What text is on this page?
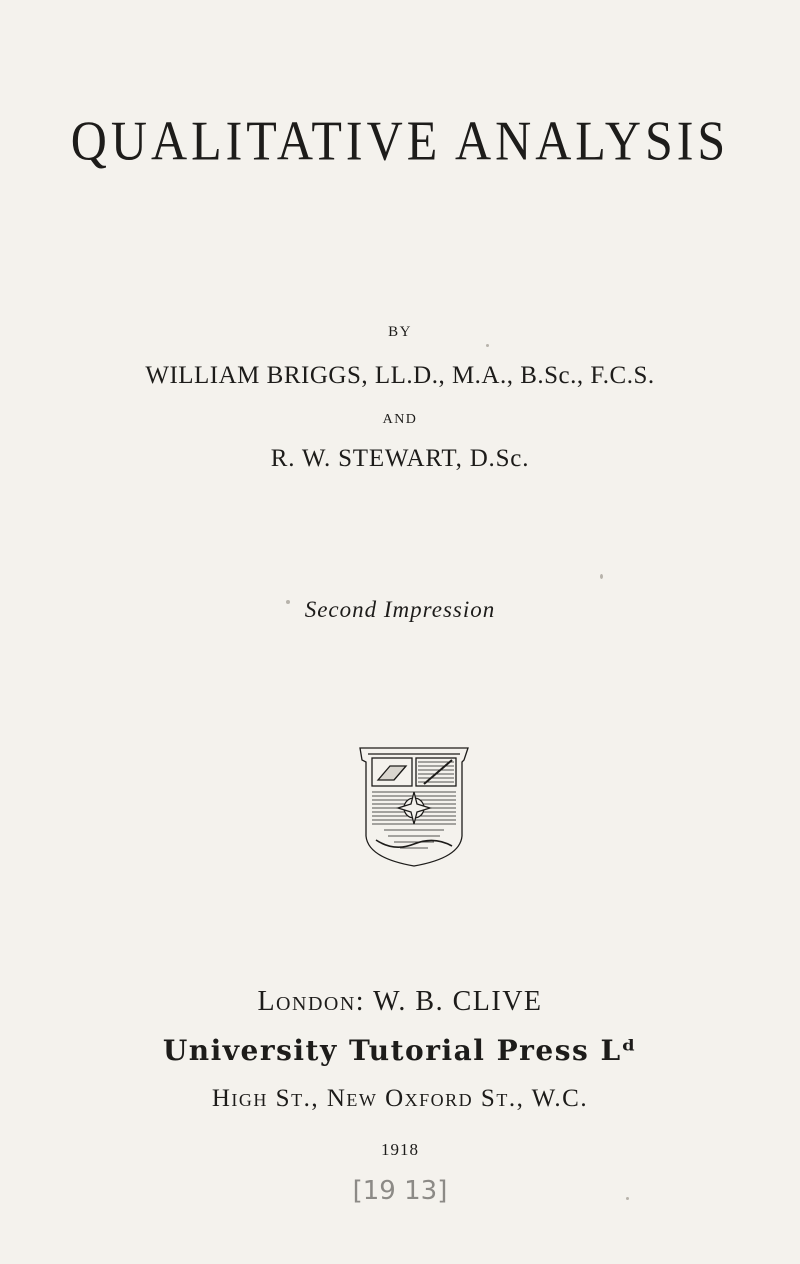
QUALITATIVE ANALYSIS
BY
WILLIAM BRIGGS, LL.D., M.A., B.Sc., F.C.S.
AND
R. W. STEWART, D.Sc.
Second Impression
London: W. B. CLIVE
University Tutorial Press Lᵈ
High St., New Oxford St., W.C.
1918
[19 13]
